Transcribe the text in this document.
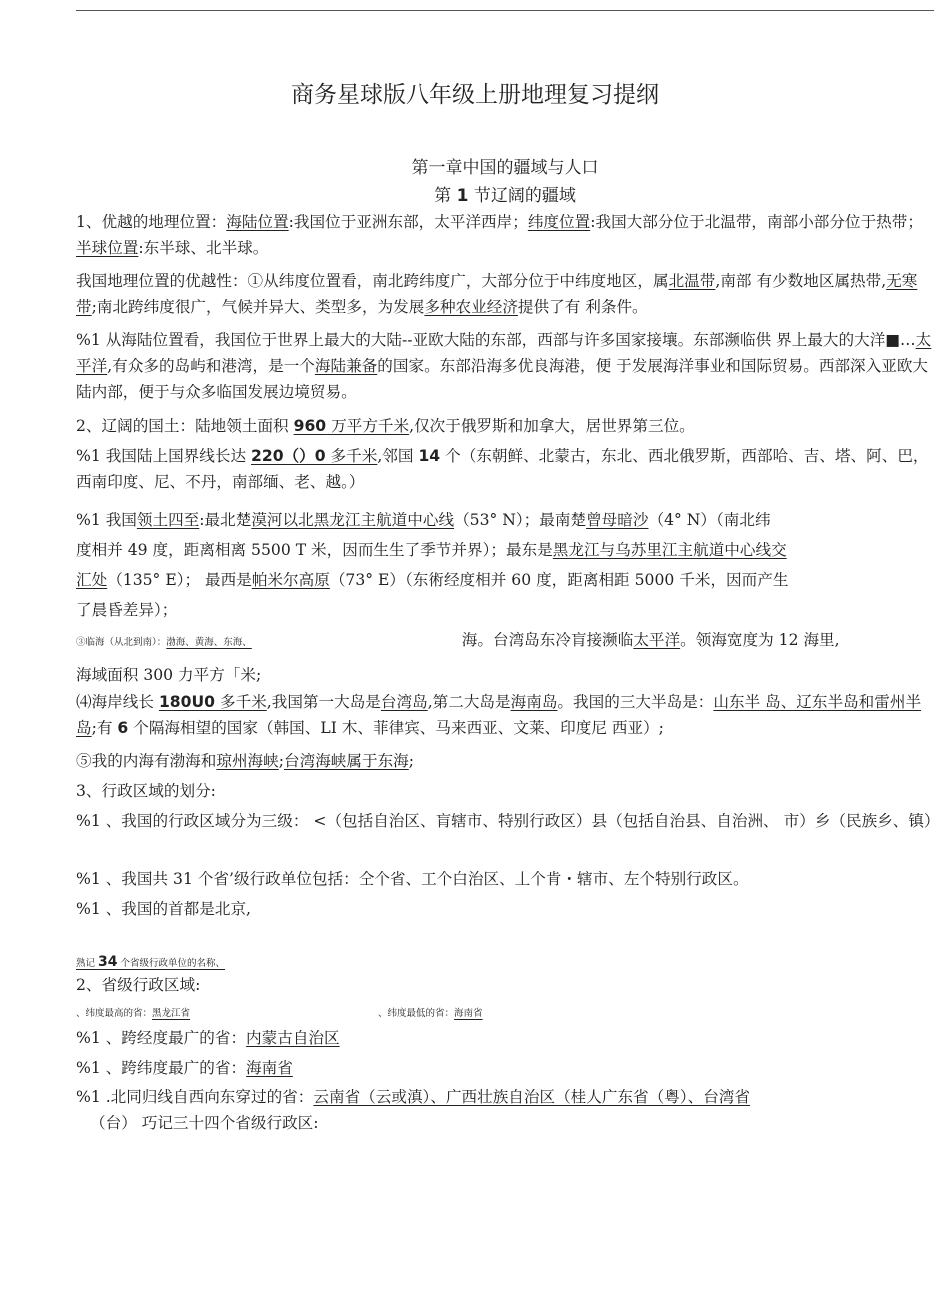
商务星球版八年级上册地理复习提纲
第一章中国的疆域与人口
第 1 节辽阔的疆域
1、优越的地理位置：海陆位置:我国位于亚洲东部，太平洋西岸；纬度位置:我国大部分位于北温带，南部小部分位于热带；半球位置:东半球、北半球。
我国地理位置的优越性：①从纬度位置看，南北跨纬度广，大部分位于中纬度地区，属北温带,南部 有少数地区属热带,无寒带;南北跨纬度很广，气候并异大、类型多，为发展多种农业经济提供了有 利条件。
%1 从海陆位置看，我国位于世界上最大的大陆--亚欧大陆的东部，西部与许多国家接壤。东部濒临供 界上最大的大洋■…太平洋,有众多的岛屿和港湾，是一个海陆兼备的国家。东部沿海多优良海港，便 于发展海洋事业和国际贸易。西部深入亚欧大陆内部，便于与众多临国发展边境贸易。
2、辽阔的国土：陆地领土面积 960 万平方千米,仅次于俄罗斯和加拿大，居世界第三位。
%1 我国陆上国界线长达 220（）0 多千米,邻国 14 个（东朝鲜、北蒙古，东北、西北俄罗斯，西部哈、吉、塔、阿、巴，西南印度、尼、不丹，南部缅、老、越。）
%1 我国领土四至:最北楚漠河以北黑龙江主航道中心线（53° N）；最南楚曾母暗沙（4° N）（南北纬
度相并 49 度，距离相离 5500 T 米，因而生生了季节并界）；最东是黑龙江与乌苏里江主航道中心线交
汇处（135° E）； 最西是帕米尔高原（73° E）（东術经度相并 60 度，距离相距 5000 千米，因而产生
了晨昏差异）；
③临海（从北到南）：渤海、黄海、东海、	海。台湾岛东冷肓接濒临太平洋。领海宽度为 12 海里,
海域面积 300 力平方「米;
⑷海岸线长 180U0 多千米,我国第一大岛是台湾岛,第二大岛是海南岛。我国的三大半岛是：山东半 岛、辽东半岛和雷州半岛;有 6 个隔海相望的国家（韩国、LI 木、菲律宾、马来西亚、文莱、印度尼 西亚）;
⑤我的内海有渤海和琼州海峡;台湾海峡属于东海;
3、行政区域的划分:
%1 、我国的行政区域分为三级： <（包括自治区、肓辖市、特别行政区）县（包括自治县、自治洲、 市）乡（民族乡、镇）
%1 、我国共 31 个省’级行政单位包括：仝个省、工个白治区、丄个肯・辖市、左个特别行政区。
%1 、我国的首都是北京,
熟记 34 个省级行政单位的名称、
2、省级行政区域:
、纬度最高的省：黑龙江省	、纬度最低的省：海南省
%1 、跨经度最广的省：内蒙古自治区
%1 、跨纬度最广的省：海南省
%1 .北同归线自西向东穿过的省：云南省（云或滇）、广西壮族自治区（桂人广东省（粤）、台湾省
（台） 巧记三十四个省级行政区:
